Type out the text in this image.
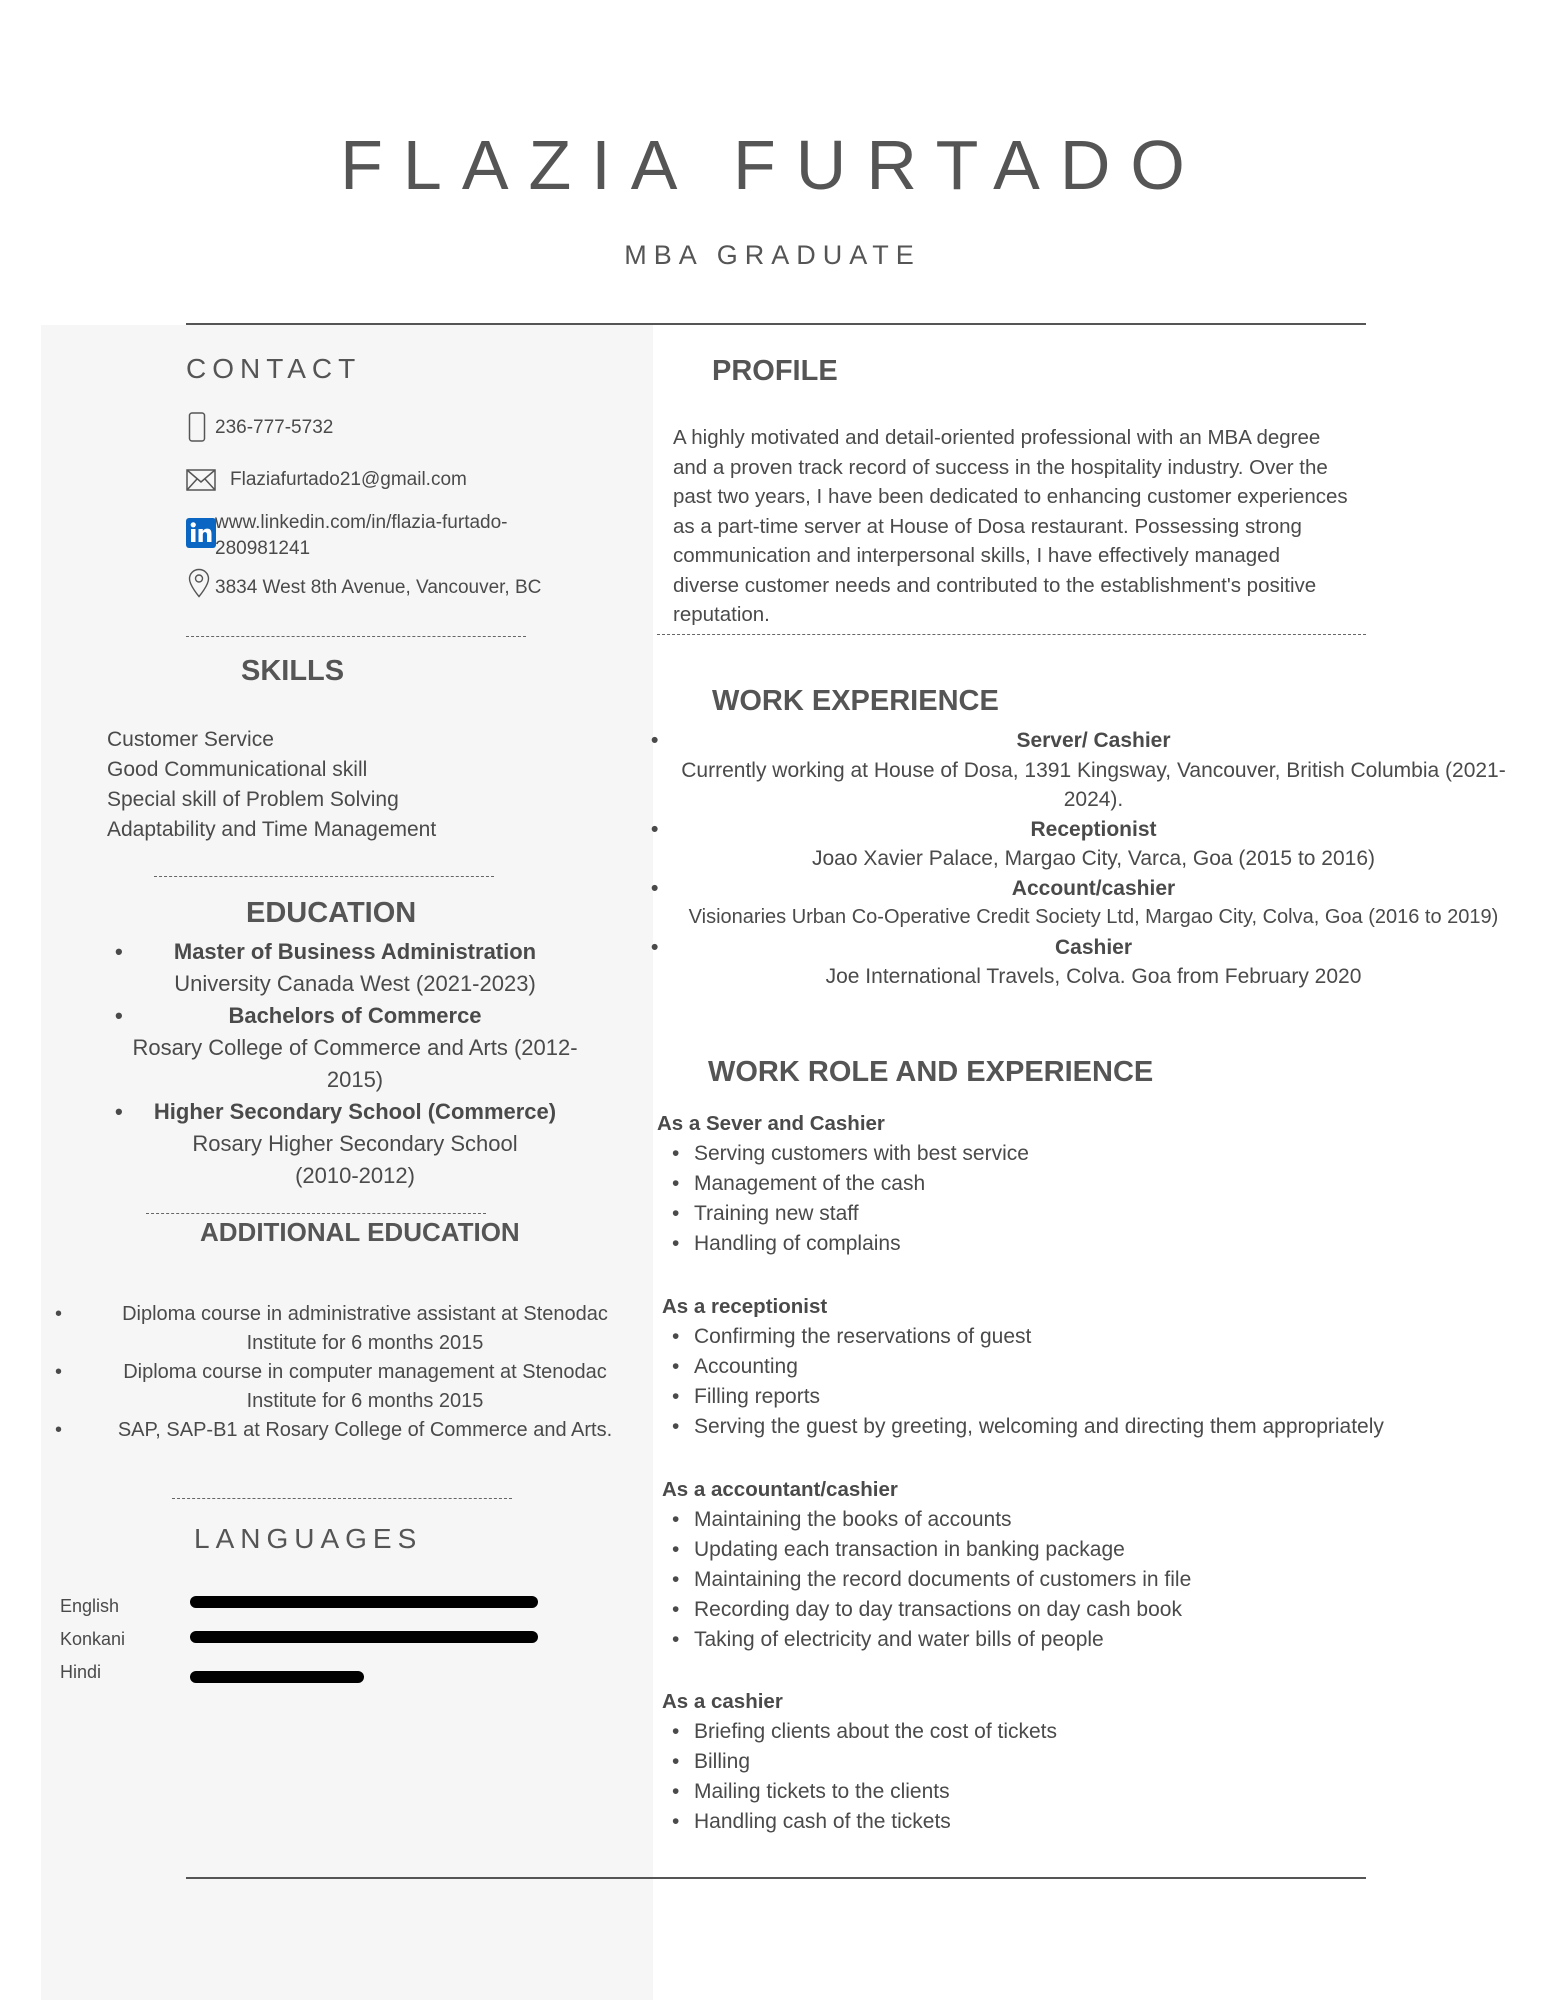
FLAZIA FURTADO
MBA GRADUATE
CONTACT
236-777-5732
Flaziafurtado21@gmail.com
www.linkedin.com/in/flazia-furtado-
280981241
3834 West 8th Avenue, Vancouver, BC
SKILLS
Customer Service
Good Communicational skill
Special skill of Problem Solving
Adaptability and Time Management
EDUCATION
• Master of Business Administration
University Canada West (2021-2023)
• Bachelors of Commerce
Rosary College of Commerce and Arts (2012-
2015)
• Higher Secondary School (Commerce)
Rosary Higher Secondary School
(2010-2012)
ADDITIONAL EDUCATION
• Diploma course in administrative assistant at Stenodac
Institute for 6 months 2015
• Diploma course in computer management at Stenodac
Institute for 6 months 2015
• SAP, SAP-B1 at Rosary College of Commerce and Arts.
LANGUAGES
English
Konkani
Hindi
PROFILE
A highly motivated and detail-oriented professional with an MBA degree
and a proven track record of success in the hospitality industry. Over the
past two years, I have been dedicated to enhancing customer experiences
as a part-time server at House of Dosa restaurant. Possessing strong
communication and interpersonal skills, I have effectively managed
diverse customer needs and contributed to the establishment's positive
reputation.
WORK EXPERIENCE
• Server/ Cashier
Currently working at House of Dosa, 1391 Kingsway, Vancouver, British Columbia (2021-
2024).
• Receptionist
Joao Xavier Palace, Margao City, Varca, Goa (2015 to 2016)
• Account/cashier
Visionaries Urban Co-Operative Credit Society Ltd, Margao City, Colva, Goa (2016 to 2019)
• Cashier
Joe International Travels, Colva. Goa from February 2020
WORK ROLE AND EXPERIENCE
As a Sever and Cashier
• Serving customers with best service
• Management of the cash
• Training new staff
• Handling of complains
As a receptionist
• Confirming the reservations of guest
• Accounting
• Filling reports
• Serving the guest by greeting, welcoming and directing them appropriately
As a accountant/cashier
• Maintaining the books of accounts
• Updating each transaction in banking package
• Maintaining the record documents of customers in file
• Recording day to day transactions on day cash book
• Taking of electricity and water bills of people
As a cashier
• Briefing clients about the cost of tickets
• Billing
• Mailing tickets to the clients
• Handling cash of the tickets
